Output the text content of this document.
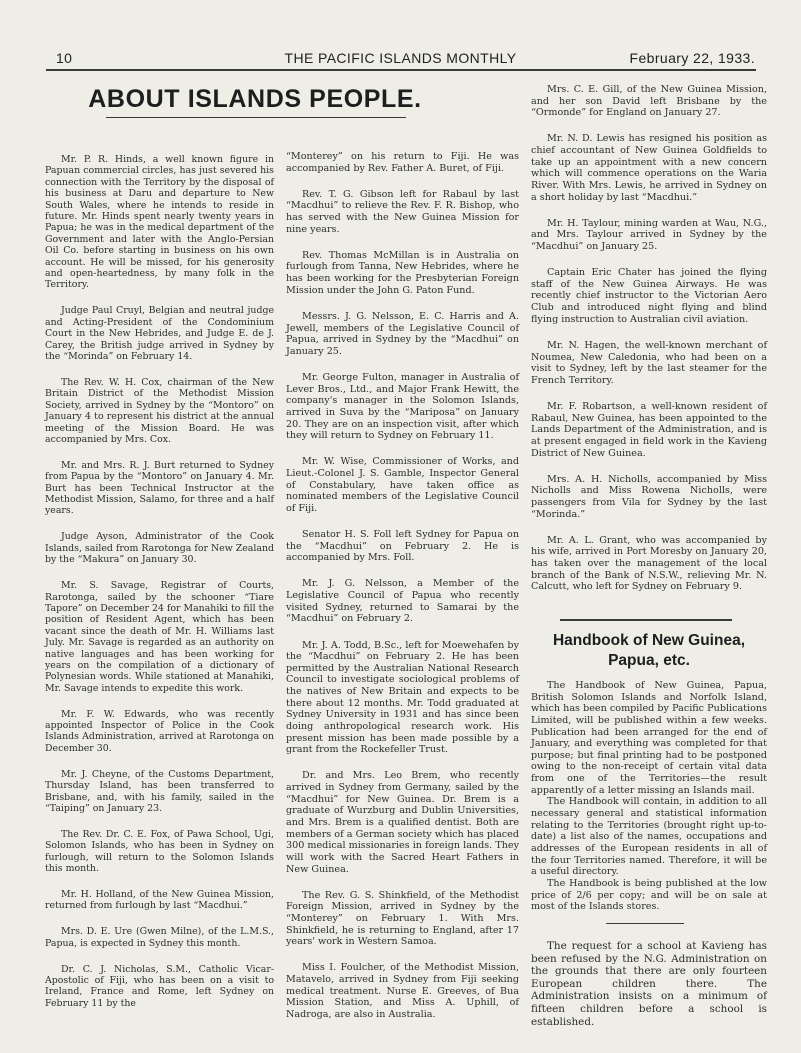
10	THE PACIFIC ISLANDS MONTHLY	February 22, 1933.
ABOUT ISLANDS PEOPLE.

Mr. P. R. Hinds, a well known figure in Papuan commercial circles, has just severed his connection with the Territory by the disposal of his business at Daru and departure to New South Wales, where he intends to reside in future. Mr. Hinds spent nearly twenty years in Papua; he was in the medical department of the Government and later with the Anglo-Persian Oil Co. before starting in business on his own account. He will be missed, for his generosity and open-heartedness, by many folk in the Territory.

Judge Paul Cruyl, Belgian and neutral judge and Acting-President of the Condominium Court in the New Hebrides, and Judge E. de J. Carey, the British judge arrived in Sydney by the “Morinda” on February 14.

The Rev. W. H. Cox, chairman of the New Britain District of the Methodist Mission Society, arrived in Sydney by the “Montoro” on January 4 to represent his district at the annual meeting of the Mission Board. He was accompanied by Mrs. Cox.

Mr. and Mrs. R. J. Burt returned to Sydney from Papua by the “Montoro” on January 4. Mr. Burt has been Technical Instructor at the Methodist Mission, Salamo, for three and a half years.

Judge Ayson, Administrator of the Cook Islands, sailed from Rarotonga for New Zealand by the “Makura” on January 30.

Mr. S. Savage, Registrar of Courts, Rarotonga, sailed by the schooner “Tiare Tapore” on December 24 for Manahiki to fill the position of Resident Agent, which has been vacant since the death of Mr. H. Williams last July. Mr. Savage is regarded as an authority on native languages and has been working for years on the compilation of a dictionary of Polynesian words. While stationed at Manahiki, Mr. Savage intends to expedite this work.

Mr. F. W. Edwards, who was recently appointed Inspector of Police in the Cook Islands Administration, arrived at Rarotonga on December 30.

Mr. J. Cheyne, of the Customs Department, Thursday Island, has been transferred to Brisbane, and, with his family, sailed in the “Taiping” on January 23.

The Rev. Dr. C. E. Fox, of Pawa School, Ugi, Solomon Islands, who has been in Sydney on furlough, will return to the Solomon Islands this month.

Mr. H. Holland, of the New Guinea Mission, returned from furlough by last “Macdhui.”

Mrs. D. E. Ure (Gwen Milne), of the L.M.S., Papua, is expected in Sydney this month.

Dr. C. J. Nicholas, S.M., Catholic Vicar-Apostolic of Fiji, who has been on a visit to Ireland, France and Rome, left Sydney on February 11 by the

“Monterey” on his return to Fiji. He was accompanied by Rev. Father A. Buret, of Fiji.

Rev. T. G. Gibson left for Rabaul by last “Macdhui” to relieve the Rev. F. R. Bishop, who has served with the New Guinea Mission for nine years.

Rev. Thomas McMillan is in Australia on furlough from Tanna, New Hebrides, where he has been working for the Presbyterian Foreign Mission under the John G. Paton Fund.

Messrs. J. G. Nelsson, E. C. Harris and A. Jewell, members of the Legislative Council of Papua, arrived in Sydney by the “Macdhui” on January 25.

Mr. George Fulton, manager in Australia of Lever Bros., Ltd., and Major Frank Hewitt, the company's manager in the Solomon Islands, arrived in Suva by the “Mariposa” on January 20. They are on an inspection visit, after which they will return to Sydney on February 11.

Mr. W. Wise, Commissioner of Works, and Lieut.-Colonel J. S. Gamble, Inspector General of Constabulary, have taken office as nominated members of the Legislative Council of Fiji.

Senator H. S. Foll left Sydney for Papua on the “Macdhui” on February 2. He is accompanied by Mrs. Foll.

Mr. J. G. Nelsson, a Member of the Legislative Council of Papua who recently visited Sydney, returned to Samarai by the “Macdhui” on February 2.

Mr. J. A. Todd, B.Sc., left for Moewehafen by the “Macdhui” on February 2. He has been permitted by the Australian National Research Council to investigate sociological problems of the natives of New Britain and expects to be there about 12 months. Mr. Todd graduated at Sydney University in 1931 and has since been doing anthropological research work. His present mission has been made possible by a grant from the Rockefeller Trust.

Dr. and Mrs. Leo Brem, who recently arrived in Sydney from Germany, sailed by the “Macdhui” for New Guinea. Dr. Brem is a graduate of Wurzburg and Dublin Universities, and Mrs. Brem is a qualified dentist. Both are members of a German society which has placed 300 medical missionaries in foreign lands. They will work with the Sacred Heart Fathers in New Guinea.

The Rev. G. S. Shinkfield, of the Methodist Foreign Mission, arrived in Sydney by the “Monterey” on February 1. With Mrs. Shinkfield, he is returning to England, after 17 years' work in Western Samoa.

Miss I. Foulcher, of the Methodist Mission, Matavelo, arrived in Sydney from Fiji seeking medical treatment. Nurse E. Greeves, of Bua Mission Station, and Miss A. Uphill, of Nadroga, are also in Australia.

Mrs. C. E. Gill, of the New Guinea Mission, and her son David left Brisbane by the “Ormonde” for England on January 27.

Mr. N. D. Lewis has resigned his position as chief accountant of New Guinea Goldfields to take up an appointment with a new concern which will commence operations on the Waria River. With Mrs. Lewis, he arrived in Sydney on a short holiday by last “Macdhui.”

Mr. H. Taylour, mining warden at Wau, N.G., and Mrs. Taylour arrived in Sydney by the “Macdhui” on January 25.

Captain Eric Chater has joined the flying staff of the New Guinea Airways. He was recently chief instructor to the Victorian Aero Club and introduced night flying and blind flying instruction to Australian civil aviation.

Mr. N. Hagen, the well-known merchant of Noumea, New Caledonia, who had been on a visit to Sydney, left by the last steamer for the French Territory.

Mr. F. Robartson, a well-known resident of Rabaul, New Guinea, has been appointed to the Lands Department of the Administration, and is at present engaged in field work in the Kavieng District of New Guinea.

Mrs. A. H. Nicholls, accompanied by Miss Nicholls and Miss Rowena Nicholls, were passengers from Vila for Sydney by the last “Morinda.”

Mr. A. L. Grant, who was accompanied by his wife, arrived in Port Moresby on January 20, has taken over the management of the local branch of the Bank of N.S.W., relieving Mr. N. Calcutt, who left for Sydney on February 9.

Handbook of New Guinea, Papua, etc.

The Handbook of New Guinea, Papua, British Solomon Islands and Norfolk Island, which has been compiled by Pacific Publications Limited, will be published within a few weeks. Publication had been arranged for the end of January, and everything was completed for that purpose; but final printing had to be postponed owing to the non-receipt of certain vital data from one of the Territories—the result apparently of a letter missing an Islands mail.

The Handbook will contain, in addition to all necessary general and statistical information relating to the Territories (brought right up-to-date) a list also of the names, occupations and addresses of the European residents in all of the four Territories named. Therefore, it will be a useful directory.

The Handbook is being published at the low price of 2/6 per copy; and will be on sale at most of the Islands stores.

The request for a school at Kavieng has been refused by the N.G. Administration on the grounds that there are only fourteen European children there. The Administration insists on a minimum of fifteen children before a school is established.
